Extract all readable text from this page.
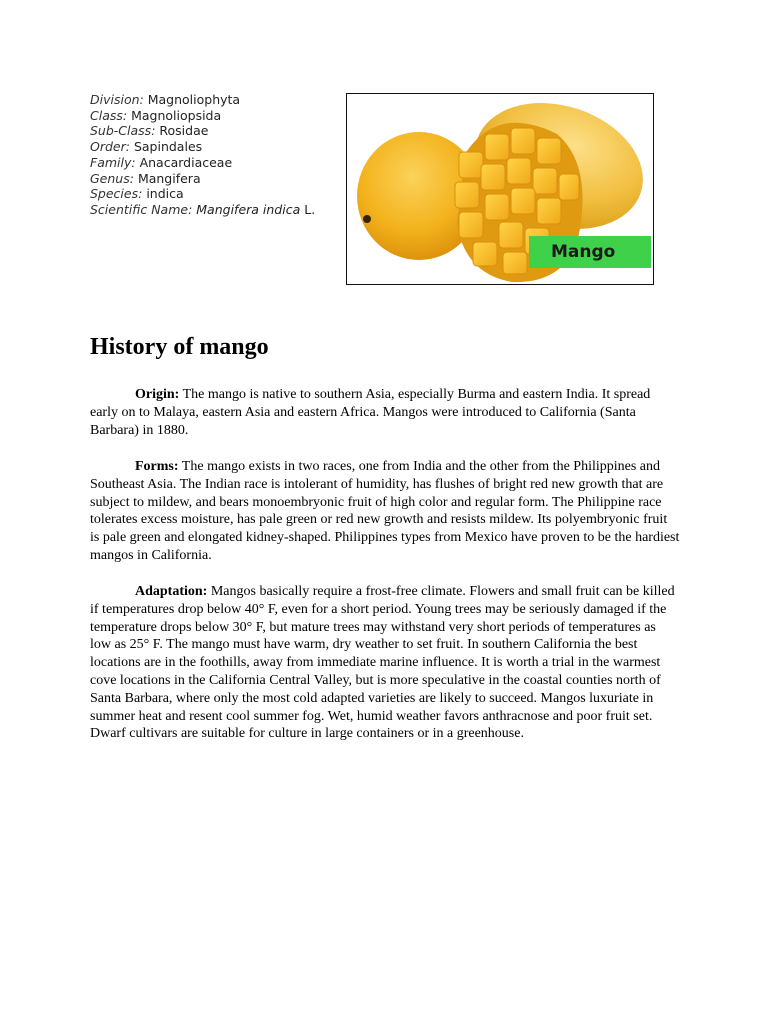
Division: Magnoliophyta
Class: Magnoliopsida
Sub-Class: Rosidae
Order: Sapindales
Family: Anacardiaceae
Genus: Mangifera
Species: indica
Scientific Name: Mangifera indica L.
Mango
History of mango

Origin: The mango is native to southern Asia, especially Burma and eastern India. It spread early on to Malaya, eastern Asia and eastern Africa. Mangos were introduced to California (Santa Barbara) in 1880.

Forms: The mango exists in two races, one from India and the other from the Philippines and Southeast Asia. The Indian race is intolerant of humidity, has flushes of bright red new growth that are subject to mildew, and bears monoembryonic fruit of high color and regular form. The Philippine race tolerates excess moisture, has pale green or red new growth and resists mildew. Its polyembryonic fruit is pale green and elongated kidney-shaped. Philippines types from Mexico have proven to be the hardiest mangos in California.

Adaptation: Mangos basically require a frost-free climate. Flowers and small fruit can be killed if temperatures drop below 40° F, even for a short period. Young trees may be seriously damaged if the temperature drops below 30° F, but mature trees may withstand very short periods of temperatures as low as 25° F. The mango must have warm, dry weather to set fruit. In southern California the best locations are in the foothills, away from immediate marine influence. It is worth a trial in the warmest cove locations in the California Central Valley, but is more speculative in the coastal counties north of Santa Barbara, where only the most cold adapted varieties are likely to succeed. Mangos luxuriate in summer heat and resent cool summer fog. Wet, humid weather favors anthracnose and poor fruit set. Dwarf cultivars are suitable for culture in large containers or in a greenhouse.
